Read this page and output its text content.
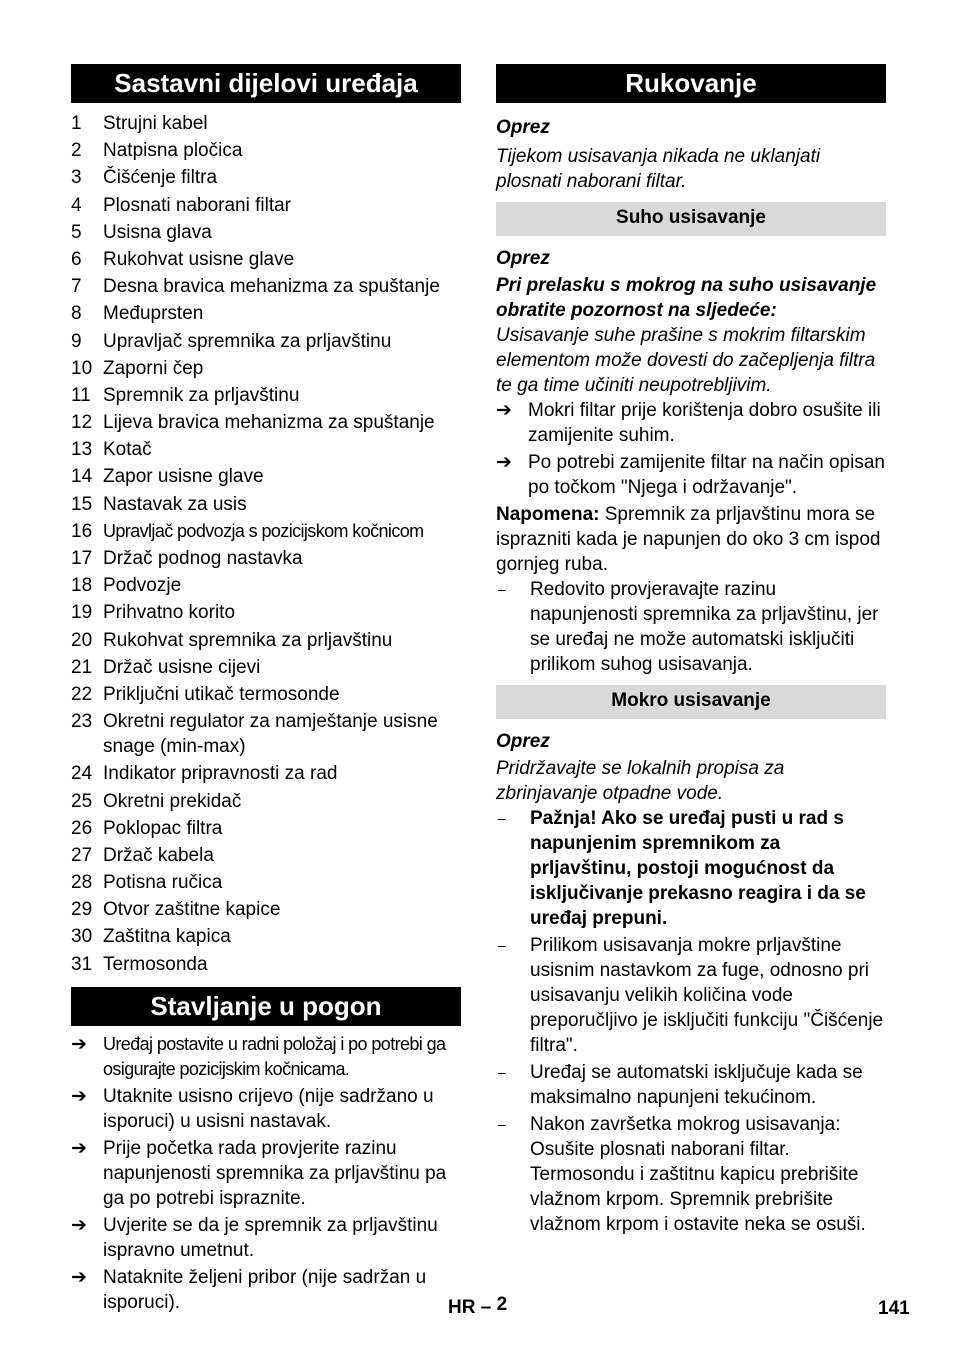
Sastavni dijelovi uređaja
1	Strujni kabel
2	Natpisna pločica
3	Čišćenje filtra
4	Plosnati naborani filtar
5	Usisna glava
6	Rukohvat usisne glave
7	Desna bravica mehanizma za spuštanje
8	Međuprsten
9	Upravljač spremnika za prljavštinu
10 Zaporni čep
11 Spremnik za prljavštinu
12 Lijeva bravica mehanizma za spuštanje
13 Kotač
14 Zapor usisne glave
15 Nastavak za usis
16 Upravljač podvozja s pozicijskom kočnicom
17 Držač podnog nastavka
18 Podvozje
19 Prihvatno korito
20 Rukohvat spremnika za prljavštinu
21 Držač usisne cijevi
22 Priključni utikač termosonde
23 Okretni regulator za namještanje usisne snage (min-max)
24 Indikator pripravnosti za rad
25 Okretni prekidač
26 Poklopac filtra
27 Držač kabela
28 Potisna ručica
29 Otvor zaštitne kapice
30 Zaštitna kapica
31 Termosonda
Stavljanje u pogon
➔ Uređaj postavite u radni položaj i po potrebi ga osigurajte pozicijskim kočnicama.
➔ Utaknite usisno crijevo (nije sadržano u isporuci) u usisni nastavak.
➔ Prije početka rada provjerite razinu napunjenosti spremnika za prljavštinu pa ga po potrebi ispraznite.
➔ Uvjerite se da je spremnik za prljavštinu ispravno umetnut.
➔ Nataknite željeni pribor (nije sadržan u isporuci).
Rukovanje

Oprez

Tijekom usisavanja nikada ne uklanjati plosnati naborani filtar.

Suho usisavanje

Oprez

Pri prelasku s mokrog na suho usisavanje obratite pozornost na sljedeće:

Usisavanje suhe prašine s mokrim filtarskim elementom može dovesti do začepljenja filtra te ga time učiniti neupotrebljivim.

➔ Mokri filtar prije korištenja dobro osušite ili zamijenite suhim.
➔ Po potrebi zamijenite filtar na način opisan po točkom "Njega i održavanje".

Napomena: Spremnik za prljavštinu mora se isprazniti kada je napunjen do oko 3 cm ispod gornjeg ruba.

–	Redovito provjeravajte razinu napunjenosti spremnika za prljavštinu, jer se uređaj ne može automatski isključiti prilikom suhog usisavanja.
Mokro usisavanje

Oprez

Pridržavajte se lokalnih propisa za zbrinjavanje otpadne vode.

–	Pažnja! Ako se uređaj pusti u rad s napunjenim spremnikom za prljavštinu, postoji mogućnost da isključivanje prekasno reagira i da se uređaj prepuni.
–	Prilikom usisavanja mokre prljavštine usisnim nastavkom za fuge, odnosno pri usisavanju velikih količina vode preporučljivo je isključiti funkciju "Čišćenje filtra".
–	Uređaj se automatski isključuje kada se maksimalno napunjeni tekućinom.
–	Nakon završetka mokrog usisavanja: Osušite plosnati naborani filtar. Termosondu i zaštitnu kapicu prebrišite vlažnom krpom. Spremnik prebrišite vlažnom krpom i ostavite neka se osuši.
HR – 2	141
